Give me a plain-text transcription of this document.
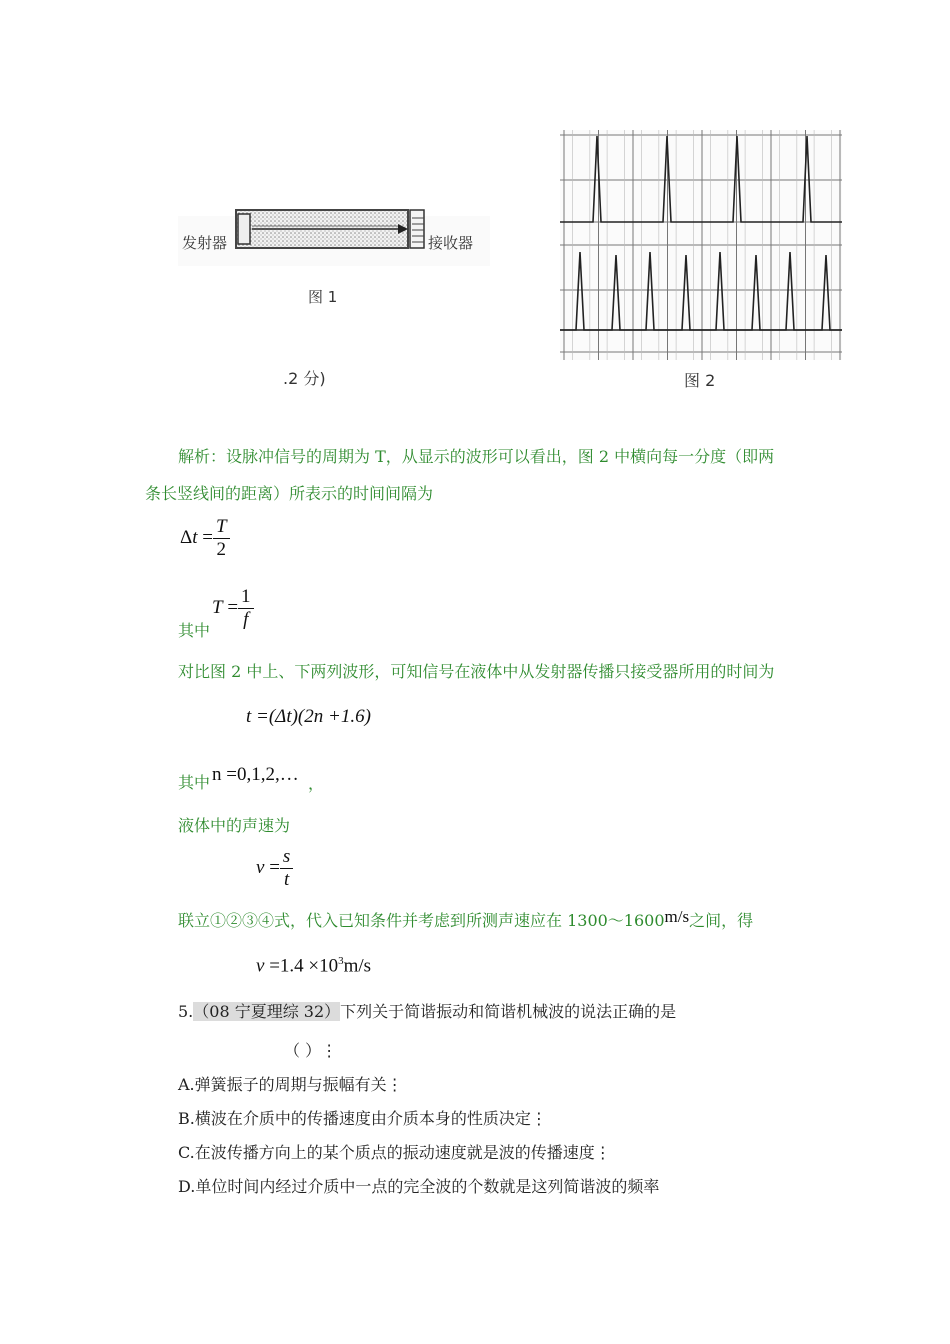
发射器	接收器
图 1
.2 分)	图 2
解析：设脉冲信号的周期为 T，从显示的波形可以看出，图 2 中横向每一分度（即两
条长竖线间的距离）所表示的时间间隔为
$\Delta t = \frac{T}{2}$
其中
$T = \frac{1}{f}$
对比图 2 中上、下两列波形，可知信号在液体中从发射器传播只接受器所用的时间为
t =(Δt)(2n +1.6)
其中 n =0,1,2,… ，
液体中的声速为
$v = \frac{s}{t}$
联立①②③④式，代入已知条件并考虑到所测声速应在 1300～1600m/s之间，得
$v =1.4 \times 10^3m/s$
5.（08 宁夏理综 32）下列关于简谐振动和简谐机械波的说法正确的是
（ ）⋮
A.弹簧振子的周期与振幅有关⋮
B.横波在介质中的传播速度由介质本身的性质决定⋮
C.在波传播方向上的某个质点的振动速度就是波的传播速度⋮
D.单位时间内经过介质中一点的完全波的个数就是这列简谐波的频率
